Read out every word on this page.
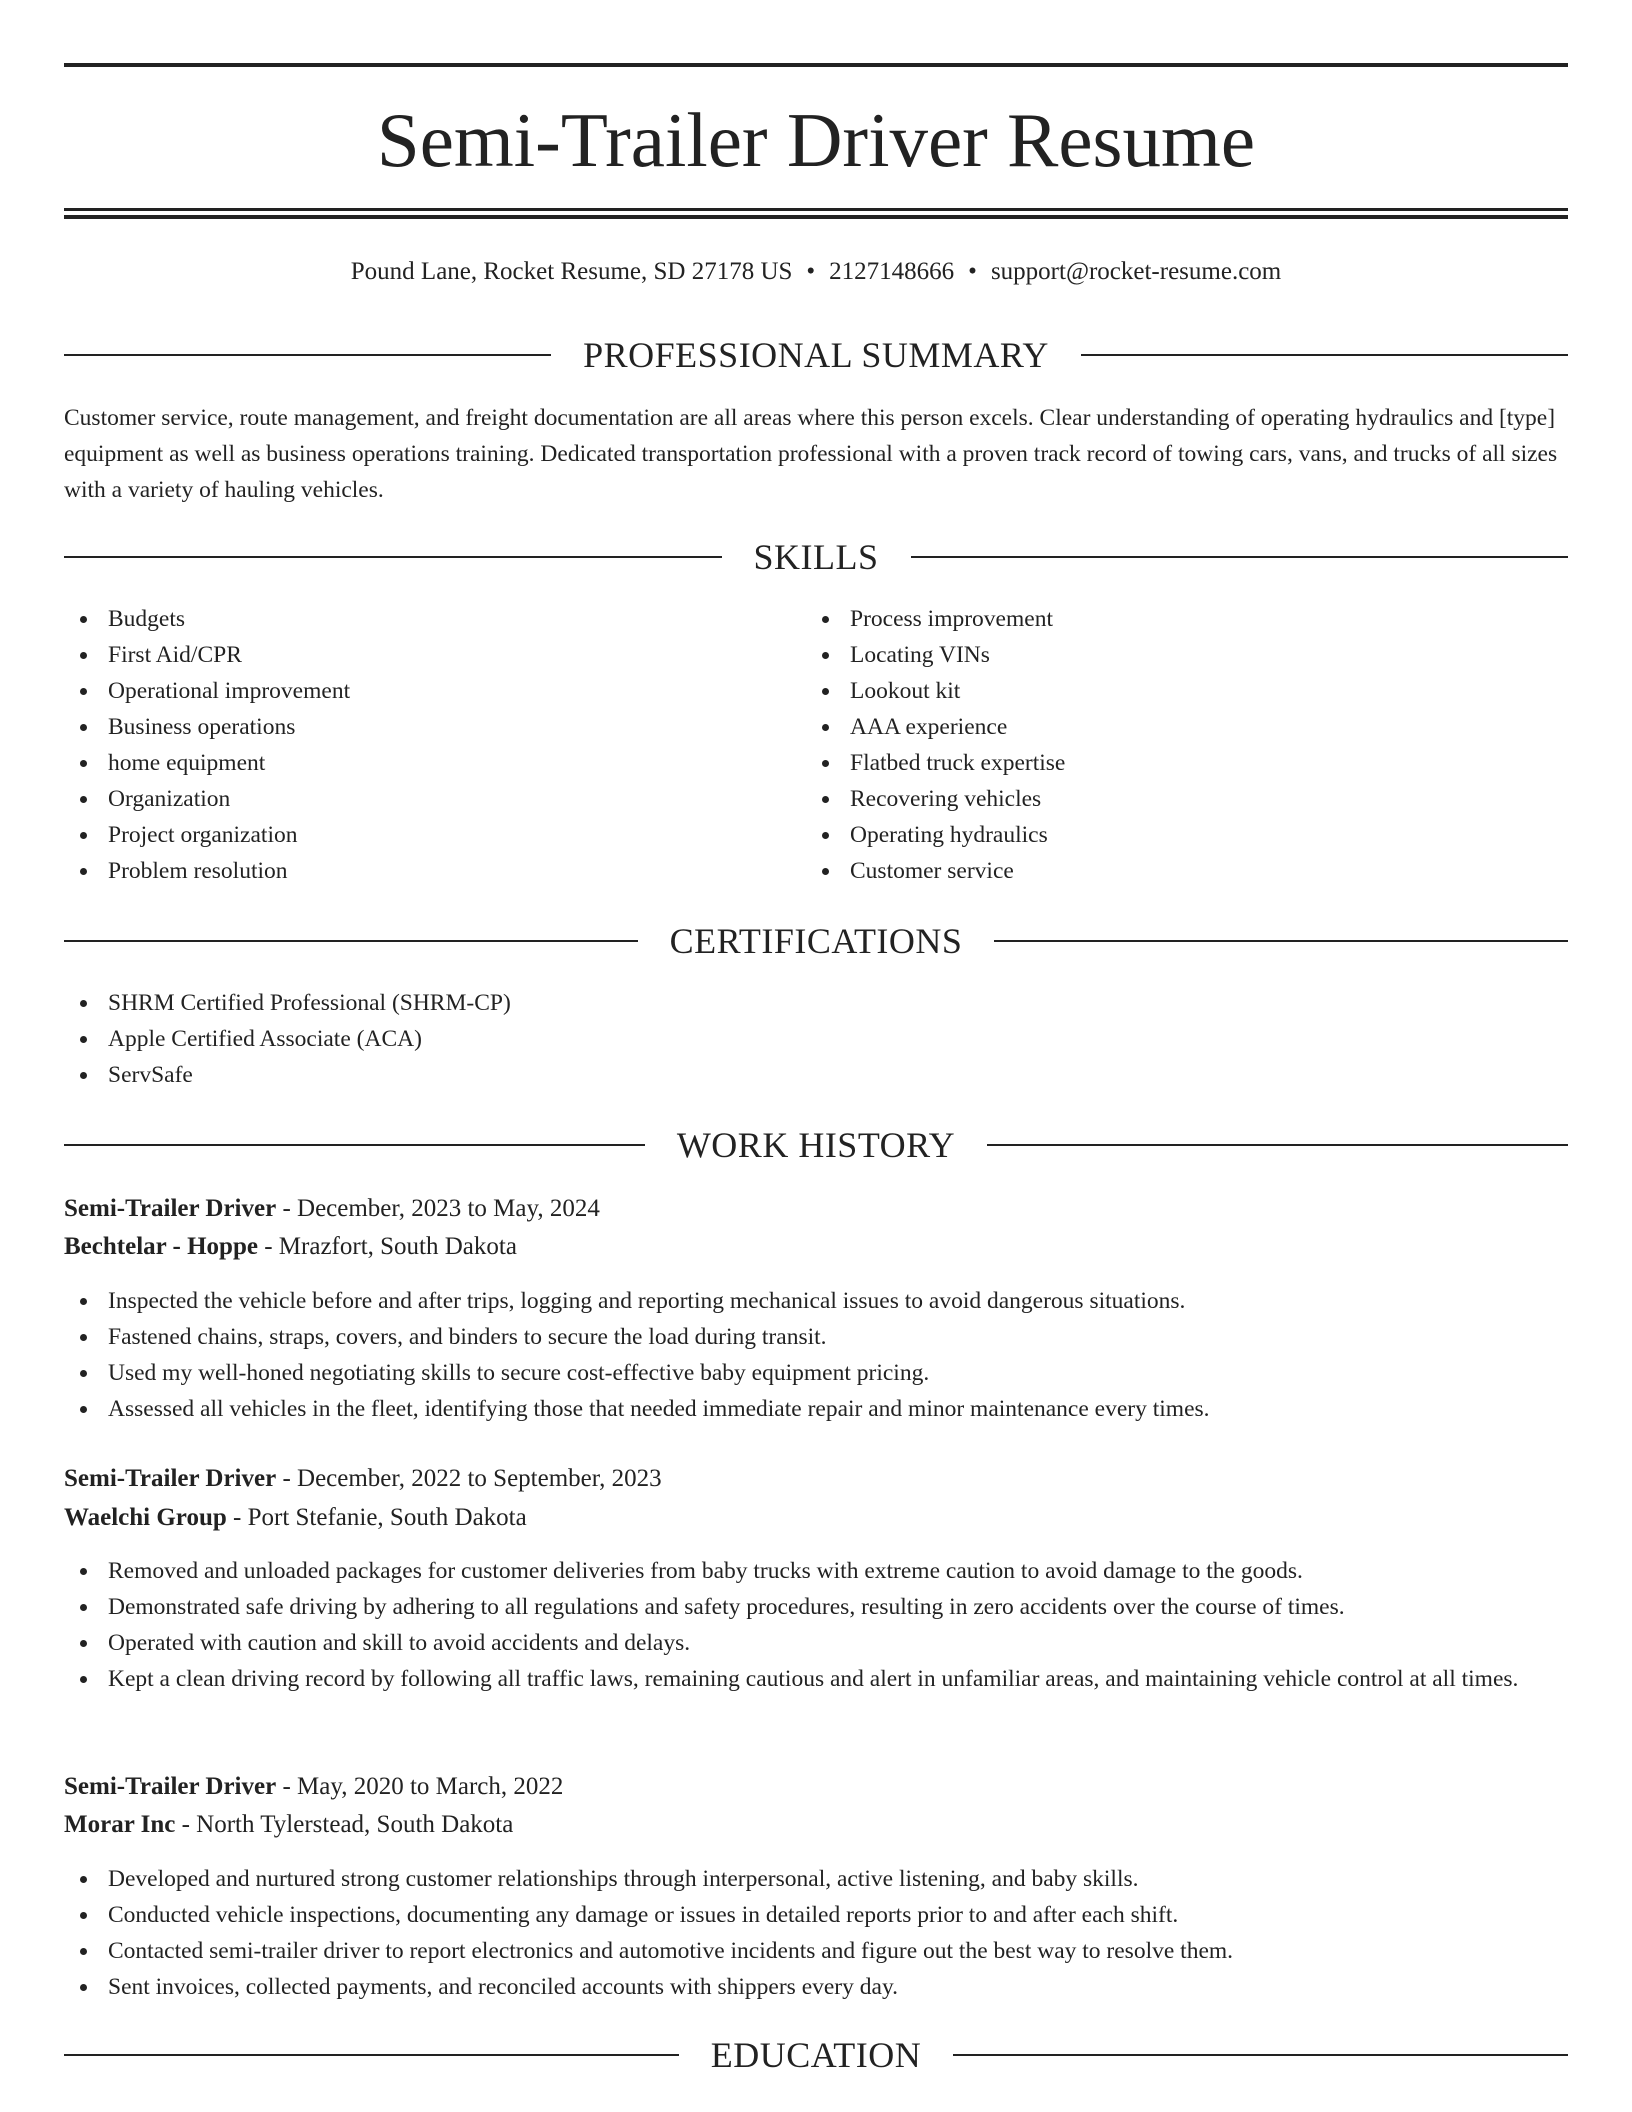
Semi-Trailer Driver Resume
Pound Lane, Rocket Resume, SD 27178 US • 2127148666 • support@rocket-resume.com
PROFESSIONAL SUMMARY

Customer service, route management, and freight documentation are all areas where this person excels. Clear understanding of operating hydraulics and [type] equipment as well as business operations training. Dedicated transportation professional with a proven track record of towing cars, vans, and trucks of all sizes with a variety of hauling vehicles.

SKILLS
Budgets
First Aid/CPR
Operational improvement
Business operations
home equipment
Organization
Project organization
Problem resolution
Process improvement
Locating VINs
Lookout kit
AAA experience
Flatbed truck expertise
Recovering vehicles
Operating hydraulics
Customer service
CERTIFICATIONS
SHRM Certified Professional (SHRM-CP)
Apple Certified Associate (ACA)
ServSafe
WORK HISTORY
Semi-Trailer Driver - December, 2023 to May, 2024
Bechtelar - Hoppe - Mrazfort, South Dakota
Inspected the vehicle before and after trips, logging and reporting mechanical issues to avoid dangerous situations.
Fastened chains, straps, covers, and binders to secure the load during transit.
Used my well-honed negotiating skills to secure cost-effective baby equipment pricing.
Assessed all vehicles in the fleet, identifying those that needed immediate repair and minor maintenance every times.
Semi-Trailer Driver - December, 2022 to September, 2023
Waelchi Group - Port Stefanie, South Dakota
Removed and unloaded packages for customer deliveries from baby trucks with extreme caution to avoid damage to the goods.
Demonstrated safe driving by adhering to all regulations and safety procedures, resulting in zero accidents over the course of times.
Operated with caution and skill to avoid accidents and delays.
Kept a clean driving record by following all traffic laws, remaining cautious and alert in unfamiliar areas, and maintaining vehicle control at all times.
Semi-Trailer Driver - May, 2020 to March, 2022
Morar Inc - North Tylerstead, South Dakota
Developed and nurtured strong customer relationships through interpersonal, active listening, and baby skills.
Conducted vehicle inspections, documenting any damage or issues in detailed reports prior to and after each shift.
Contacted semi-trailer driver to report electronics and automotive incidents and figure out the best way to resolve them.
Sent invoices, collected payments, and reconciled accounts with shippers every day.
EDUCATION
